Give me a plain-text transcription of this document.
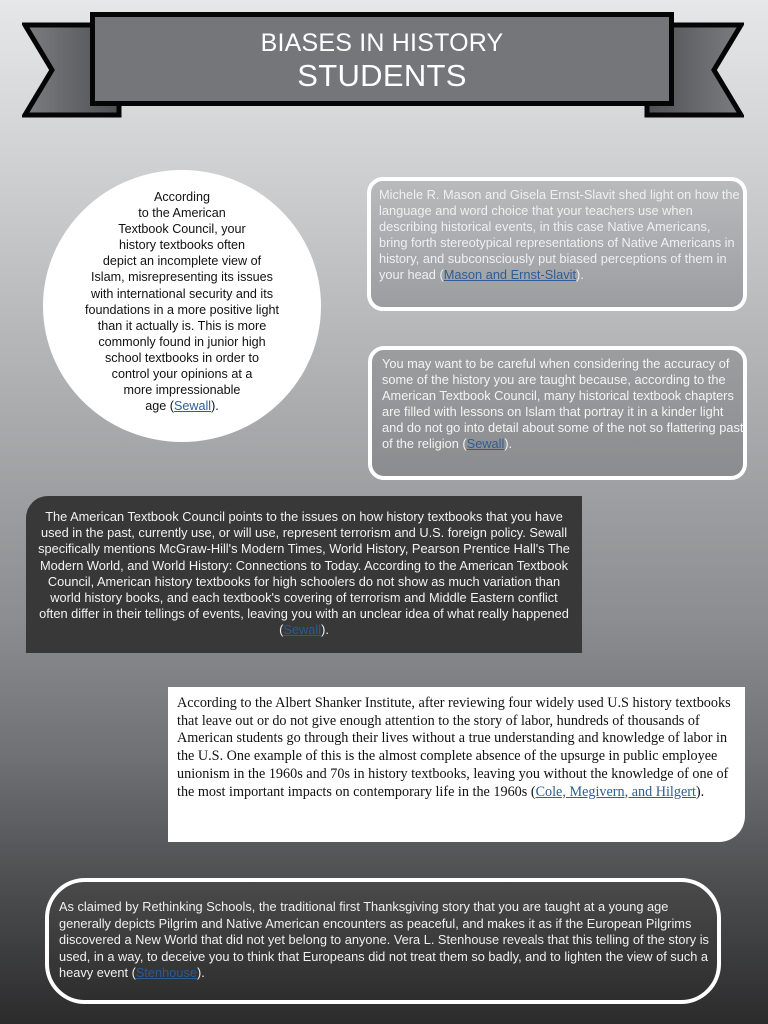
BIASES IN HISTORY
STUDENTS
According
to the American
Textbook Council, your
history textbooks often
depict an incomplete view of
Islam, misrepresenting its issues
with international security and its
foundations in a more positive light
than it actually is. This is more
commonly found in junior high
school textbooks in order to
control your opinions at a
more impressionable
age (Sewall).
Michele R. Mason and Gisela Ernst-Slavit shed light on how the language and word choice that your teachers use when describing historical events, in this case Native Americans, bring forth stereotypical representations of Native Americans in history, and subconsciously put biased perceptions of them in your head (Mason and Ernst-Slavit).
You may want to be careful when considering the accuracy of some of the history you are taught because, according to the American Textbook Council, many historical textbook chapters are filled with lessons on Islam that portray it in a kinder light and do not go into detail about some of the not so flattering past of the religion (Sewall).
The American Textbook Council points to the issues on how history textbooks that you have used in the past, currently use, or will use, represent terrorism and U.S. foreign policy. Sewall specifically mentions McGraw-Hill's Modern Times, World History, Pearson Prentice Hall's The Modern World, and World History: Connections to Today. According to the American Textbook Council, American history textbooks for high schoolers do not show as much variation than world history books, and each textbook's covering of terrorism and Middle Eastern conflict often differ in their tellings of events, leaving you with an unclear idea of what really happened (Sewall).
According to the Albert Shanker Institute, after reviewing four widely used U.S history textbooks that leave out or do not give enough attention to the story of labor, hundreds of thousands of American students go through their lives without a true understanding and knowledge of labor in the U.S. One example of this is the almost complete absence of the upsurge in public employee unionism in the 1960s and 70s in history textbooks, leaving you without the knowledge of one of the most important impacts on contemporary life in the 1960s (Cole, Megivern, and Hilgert).
As claimed by Rethinking Schools, the traditional first Thanksgiving story that you are taught at a young age generally depicts Pilgrim and Native American encounters as peaceful, and makes it as if the European Pilgrims discovered a New World that did not yet belong to anyone. Vera L. Stenhouse reveals that this telling of the story is used, in a way, to deceive you to think that Europeans did not treat them so badly, and to lighten the view of such a heavy event (Stenhouse).
